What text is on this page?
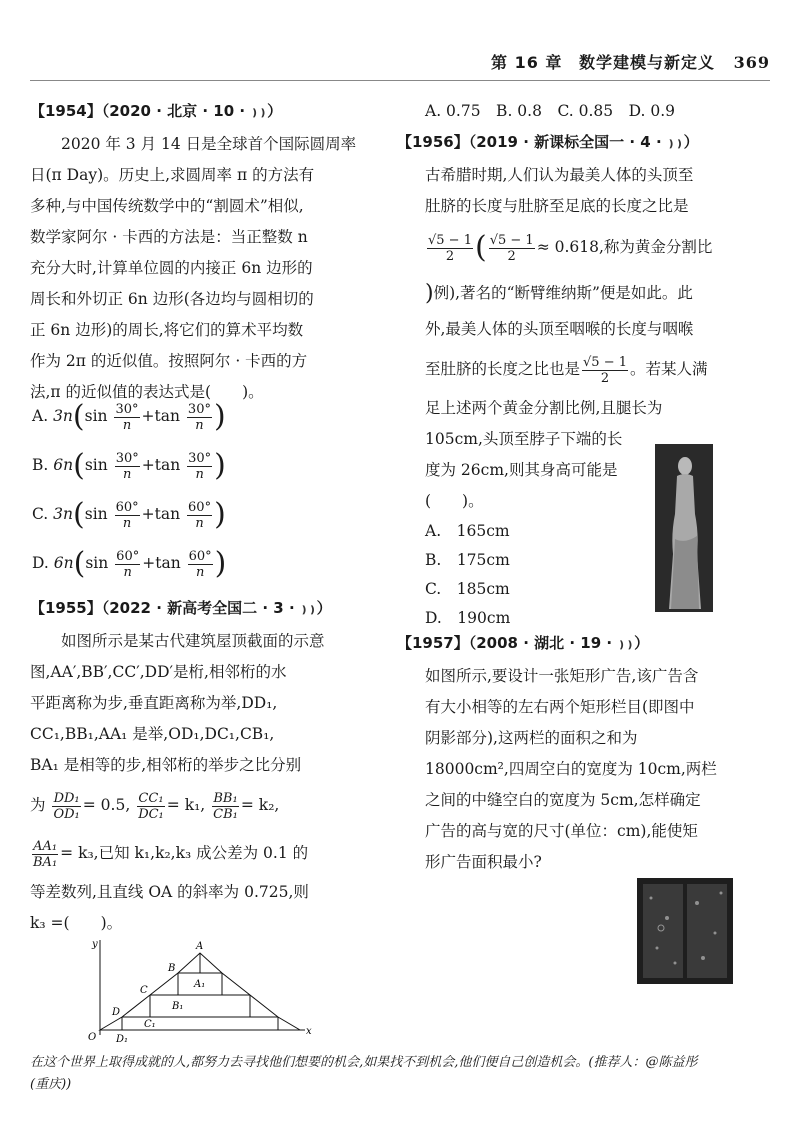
第 16 章 数学建模与新定义 369
【1954】（2020 · 北京 · 10 · ❫❫）
2020 年 3 月 14 日是全球首个国际圆周率
日(π Day)。历史上,求圆周率 π 的方法有
多种,与中国传统数学中的“割圆术”相似,
数学家阿尔 · 卡西的方法是：当正整数 n
充分大时,计算单位圆的内接正 6n 边形的
周长和外切正 6n 边形(各边均与圆相切的
正 6n 边形)的周长,将它们的算术平均数
作为 2π 的近似值。按照阿尔 · 卡西的方
法,π 的近似值的表达式是(　　)。
A. $3n(\sin \frac{30^\circ}{n} +\tan \frac{30^\circ}{n}$ )
B. $6n(\sin \frac{30^\circ}{n} +\tan \frac{30^\circ}{n}$ )
C. $3n(\sin \frac{60^\circ}{n} +\tan \frac{60^\circ}{n}$ )
D. $6n(\sin \frac{60^\circ}{n} +\tan \frac{60^\circ}{n}$ )
【1955】（2022 · 新高考全国二 · 3 · ❫❫）
如图所示是某古代建筑屋顶截面的示意
图,AA′,BB′,CC′,DD′是桁,相邻桁的水
平距离称为步,垂直距离称为举,DD₁,
CC₁,BB₁,AA₁ 是举,OD₁,DC₁,CB₁,
BA₁ 是相等的步,相邻桁的举步之比分别
为 $\frac{\text{DD₁}}{\text{OD₁}} = 0.5$, $\frac{\text{CC₁}}{\text{DC₁}} = k_1$, $\frac{\text{BB₁}}{\text{CB₁}} = k_2$,
$\frac{\text{AA₁}}{\text{BA₁}} = k_3$,已知 k₁,k₂,k₃ 成公差为 0.1 的
等差数列,且直线 OA 的斜率为 0.725,则
k₃ =(　　)。
y	A
B
A₁
C
B₁
D
C₁
O D₁
x
A. 0.75　B. 0.8　C. 0.85　D. 0.9
【1956】（2019 · 新课标全国一 · 4 · ❫❫）
古希腊时期,人们认为最美人体的头顶至
肚脐的长度与肚脐至足底的长度之比是
$\frac{√5 - 1}{2}$ ( $\frac{√5 - 1}{2} \approx 0.618$,称为黄金分割比
)例),著名的“断臂维纳斯”便是如此。此
外,最美人体的头顶至咽喉的长度与咽喉
至肚脐的长度之比也是 $\frac{√5 - 1}{2}$ 。若某人满
足上述两个黄金分割比例,且腿长为
105cm,头顶至脖子下端的长
度为 26cm,则其身高可能是
(　　)。
A.　165cm
B.　175cm
C.　185cm
D.　190cm
【1957】（2008 · 湖北 · 19 · ❫❫）
如图所示,要设计一张矩形广告,该广告含
有大小相等的左右两个矩形栏目(即图中
阴影部分),这两栏的面积之和为
18000cm²,四周空白的宽度为 10cm,两栏
之间的中缝空白的宽度为 5cm,怎样确定
广告的高与宽的尺寸(单位：cm),能使矩
形广告面积最小?
在这个世界上取得成就的人,都努力去寻找他们想要的机会,如果找不到机会,他们便自己创造机会。(推荐人：@陈益彤
(重庆))
